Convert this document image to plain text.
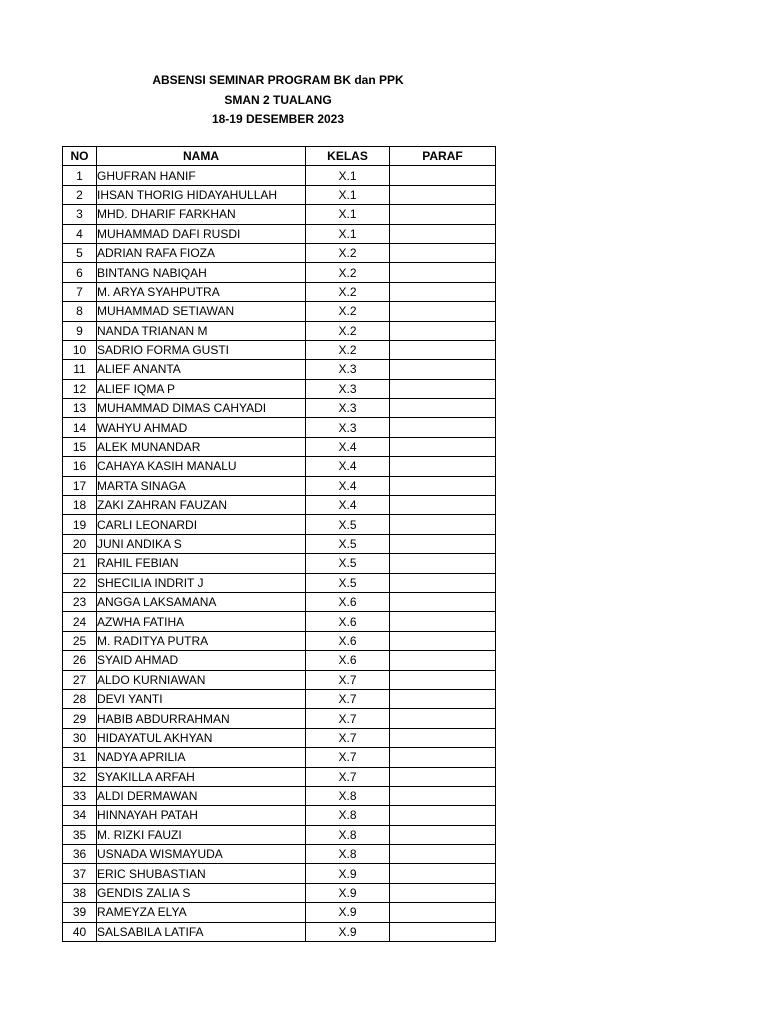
ABSENSI SEMINAR PROGRAM BK dan PPK
SMAN 2 TUALANG
18-19 DESEMBER 2023
NO	NAMA	KELAS	PARAF
1	GHUFRAN HANIF	X.1	
2	IHSAN THORIG HIDAYAHULLAH	X.1	
3	MHD. DHARIF FARKHAN	X.1	
4	MUHAMMAD DAFI RUSDI	X.1	
5	ADRIAN RAFA FIOZA	X.2	
6	BINTANG NABIQAH	X.2	
7	M. ARYA SYAHPUTRA	X.2	
8	MUHAMMAD SETIAWAN	X.2	
9	NANDA TRIANAN M	X.2	
10	SADRIO FORMA GUSTI	X.2	
11	ALIEF ANANTA	X.3	
12	ALIEF IQMA P	X.3	
13	MUHAMMAD DIMAS CAHYADI	X.3	
14	WAHYU AHMAD	X.3	
15	ALEK MUNANDAR	X.4	
16	CAHAYA KASIH MANALU	X.4	
17	MARTA SINAGA	X.4	
18	ZAKI ZAHRAN FAUZAN	X.4	
19	CARLI LEONARDI	X.5	
20	JUNI ANDIKA S	X.5	
21	RAHIL FEBIAN	X.5	
22	SHECILIA INDRIT J	X.5	
23	ANGGA LAKSAMANA	X.6	
24	AZWHA FATIHA	X.6	
25	M. RADITYA PUTRA	X.6	
26	SYAID AHMAD	X.6	
27	ALDO KURNIAWAN	X.7	
28	DEVI YANTI	X.7	
29	HABIB ABDURRAHMAN	X.7	
30	HIDAYATUL AKHYAN	X.7	
31	NADYA APRILIA	X.7	
32	SYAKILLA ARFAH	X.7	
33	ALDI DERMAWAN	X.8	
34	HINNAYAH PATAH	X.8	
35	M. RIZKI FAUZI	X.8	
36	USNADA WISMAYUDA	X.8	
37	ERIC SHUBASTIAN	X.9	
38	GENDIS ZALIA S	X.9	
39	RAMEYZA ELYA	X.9	
40	SALSABILA LATIFA	X.9	
